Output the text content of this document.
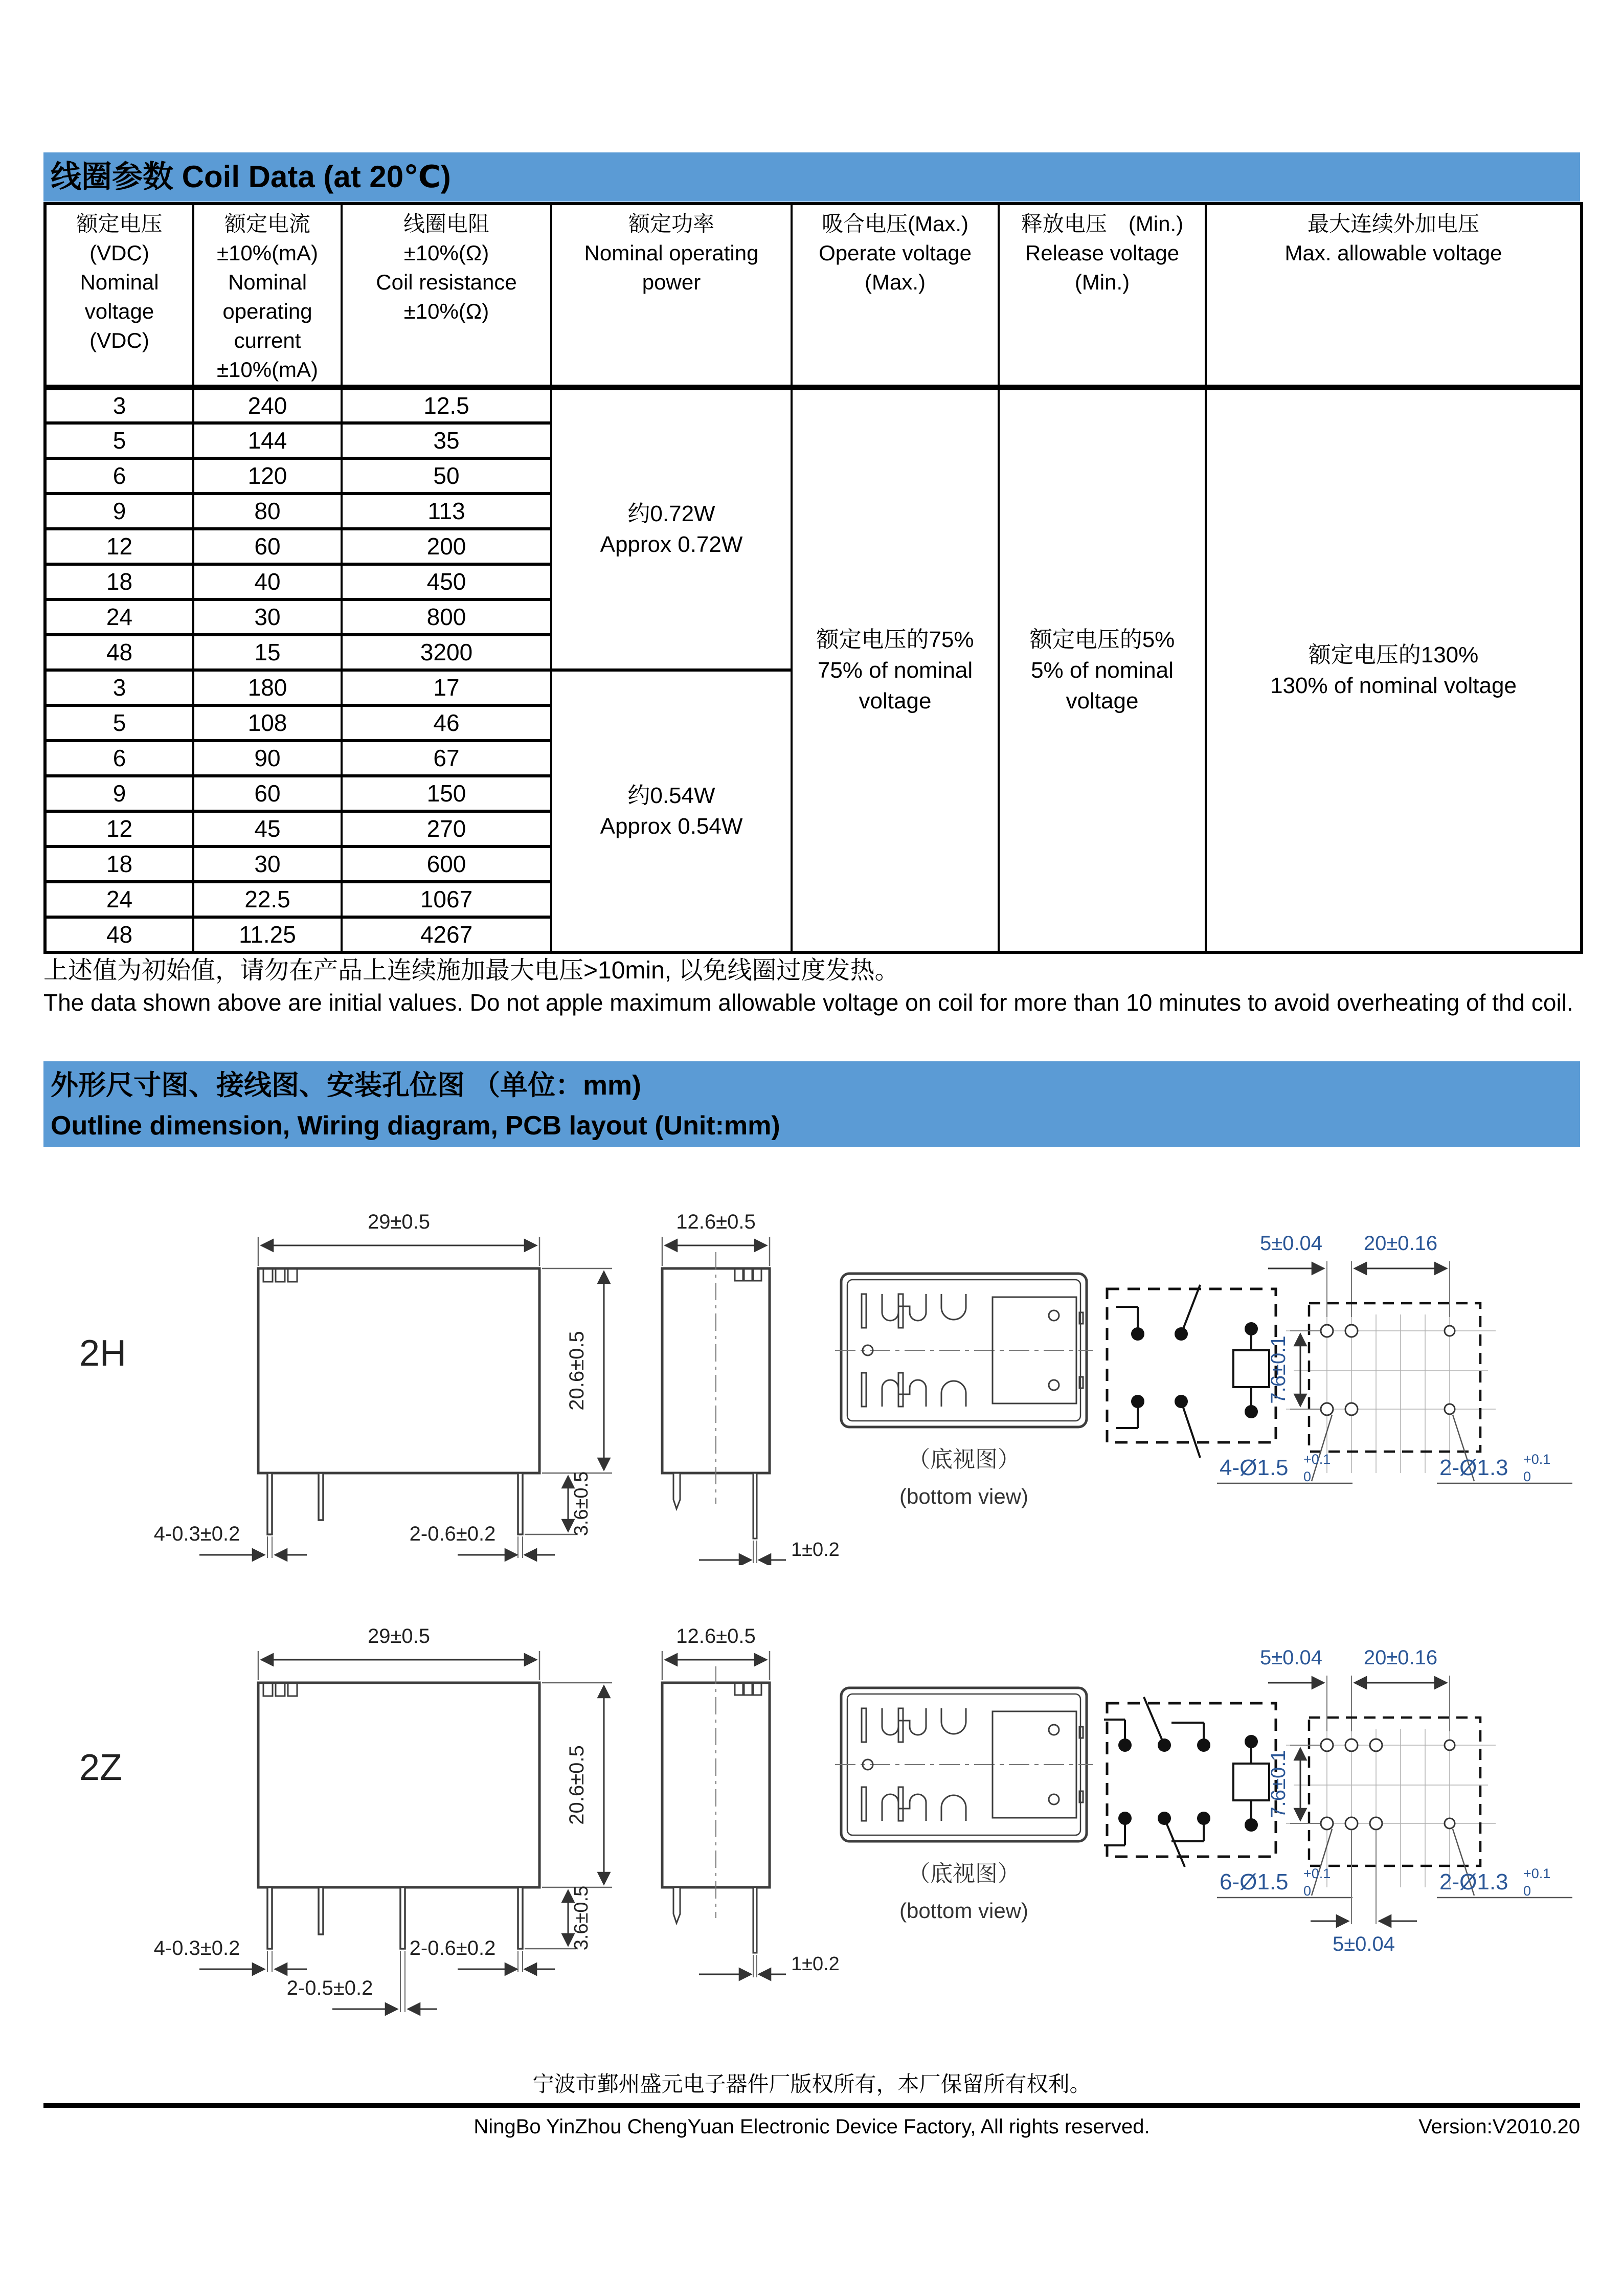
线圈参数 Coil Data (at 20℃)
额定电压
(VDC)
Nominal
voltage
(VDC)

额定电流
±10%(mA)
Nominal
operating
current
±10%(mA)

线圈电阻
±10%(Ω)
Coil resistance
±10%(Ω)

额定功率
Nominal operating
power

吸合电压(Max.)
Operate voltage
(Max.)

释放电压　(Min.)
Release voltage
(Min.)

最大连续外加电压
Max. allowable voltage

3	240	12.5	
约0.72W
Approx 0.72W

额定电压的75%
75% of nominal
voltage

额定电压的5%
5% of nominal
voltage

额定电压的130%
130% of nominal voltage

5	144	35				
6	120	50				
9	80	113				
12	60	200				
18	40	450				
24	30	800				
48	15	3200				
3	180	17	约0.54W
Approx 0.54W			

5	108	46				
6	90	67				
9	60	150				
12	45	270				
18	30	600				
24	22.5	1067				
48	11.25	4267				
上述值为初始值，请勿在产品上连续施加最大电压>10min, 以免线圈过度发热。
The data shown above are initial values. Do not apple maximum allowable voltage on coil for more than 10 minutes to avoid overheating of thd coil.
外形尺寸图、接线图、安装孔位图 （单位：mm)
Outline dimension, Wiring diagram, PCB layout (Unit:mm)
2H
29±0.5
20.6±0.5
3.6±0.5
4-0.3±0.2	2-0.6±0.2
12.6±0.5
1±0.2
（底视图）
(bottom view)
5±0.04 20±0.16
7.6±0.1
4-Ø1.5 +0.1
0	2-Ø1.3 +0.1
0
2Z
29±0.5
20.6±0.5
3.6±0.5
4-0.3±0.2	2-0.6±0.2
2-0.5±0.2
12.6±0.5
1±0.2
（底视图）
(bottom view)
5±0.04 20±0.16
7.6±0.1
5±0.04
6-Ø1.5 +0.1
0	2-Ø1.3 +0.1
0
宁波市鄞州盛元电子器件厂版权所有，本厂保留所有权利。
NingBo YinZhou ChengYuan Electronic Device Factory, All rights reserved.	Version:V2010.20
